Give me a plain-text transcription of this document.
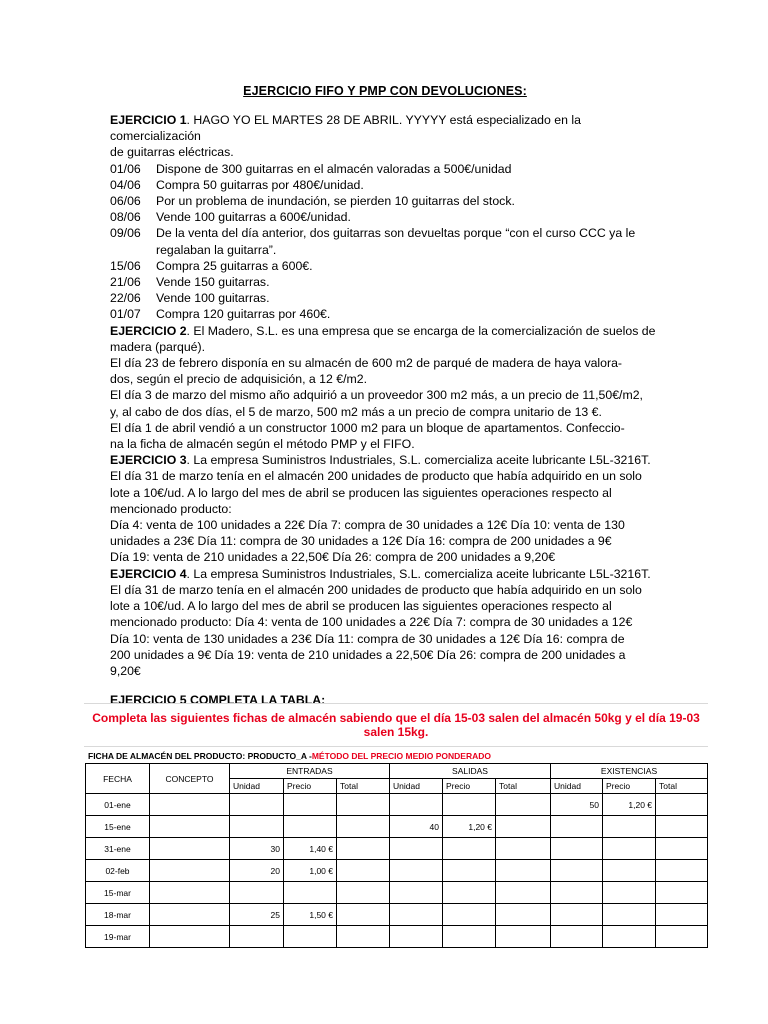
EJERCICIO FIFO Y PMP CON DEVOLUCIONES:

EJERCICIO 1. HAGO YO EL MARTES 28 DE ABRIL. YYYYY está especializado en la comercialización

de guitarras eléctricas.

01/06	Dispone de 300 guitarras en el almacén valoradas a 500€/unidad
04/06	Compra 50 guitarras por 480€/unidad.
06/06	Por un problema de inundación, se pierden 10 guitarras del stock.
08/06	Vende 100 guitarras a 600€/unidad.
09/06	De la venta del día anterior, dos guitarras son devueltas porque “con el curso CCC ya le
regalaban la guitarra”.
15/06	Compra 25 guitarras a 600€.
21/06	Vende 150 guitarras.
22/06	Vende 100 guitarras.
01/07	Compra 120 guitarras por 460€.

EJERCICIO 2. El Madero, S.L. es una empresa que se encarga de la comercialización de suelos de

madera (parqué).

El día 23 de febrero disponía en su almacén de 600 m2 de parqué de madera de haya valora-

dos, según el precio de adquisición, a 12 €/m2.

El día 3 de marzo del mismo año adquirió a un proveedor 300 m2 más, a un precio de 11,50€/m2,

y, al cabo de dos días, el 5 de marzo, 500 m2 más a un precio de compra unitario de 13 €.

El día 1 de abril vendió a un constructor 1000 m2 para un bloque de apartamentos. Confeccio-

na la ficha de almacén según el método PMP y el FIFO.

EJERCICIO 3. La empresa Suministros Industriales, S.L. comercializa aceite lubricante L5L-3216T.

El día 31 de marzo tenía en el almacén 200 unidades de producto que había adquirido en un solo

lote a 10€/ud. A lo largo del mes de abril se producen las siguientes operaciones respecto al

mencionado producto:

Día 4: venta de 100 unidades a 22€ Día 7: compra de 30 unidades a 12€ Día 10: venta de 130

unidades a 23€ Día 11: compra de 30 unidades a 12€ Día 16: compra de 200 unidades a 9€

Día 19: venta de 210 unidades a 22,50€ Día 26: compra de 200 unidades a 9,20€

EJERCICIO 4. La empresa Suministros Industriales, S.L. comercializa aceite lubricante L5L-3216T.

El día 31 de marzo tenía en el almacén 200 unidades de producto que había adquirido en un solo

lote a 10€/ud. A lo largo del mes de abril se producen las siguientes operaciones respecto al

mencionado producto: Día 4: venta de 100 unidades a 22€ Día 7: compra de 30 unidades a 12€

Día 10: venta de 130 unidades a 23€ Día 11: compra de 30 unidades a 12€ Día 16: compra de

200 unidades a 9€ Día 19: venta de 210 unidades a 22,50€ Día 26: compra de 200 unidades a

9,20€

EJERCICIO 5 COMPLETA LA TABLA:
Completa las siguientes fichas de almacén sabiendo que el día 15-03 salen del almacén 50kg y el día 19-03 salen 15kg.
FICHA DE ALMACÉN DEL PRODUCTO: PRODUCTO_A -MÉTODO DEL PRECIO MEDIO PONDERADO
FECHA	CONCEPTO	ENTRADAS			SALIDAS			EXISTENCIAS		
		Unidad	Precio	Total	Unidad	Precio	Total	Unidad	Precio	Total
01-ene								50	1,20 €	
15-ene					40	1,20 €				
31-ene		30	1,40 €							
02-feb		20	1,00 €							
15-mar										
18-mar		25	1,50 €							
19-mar										
